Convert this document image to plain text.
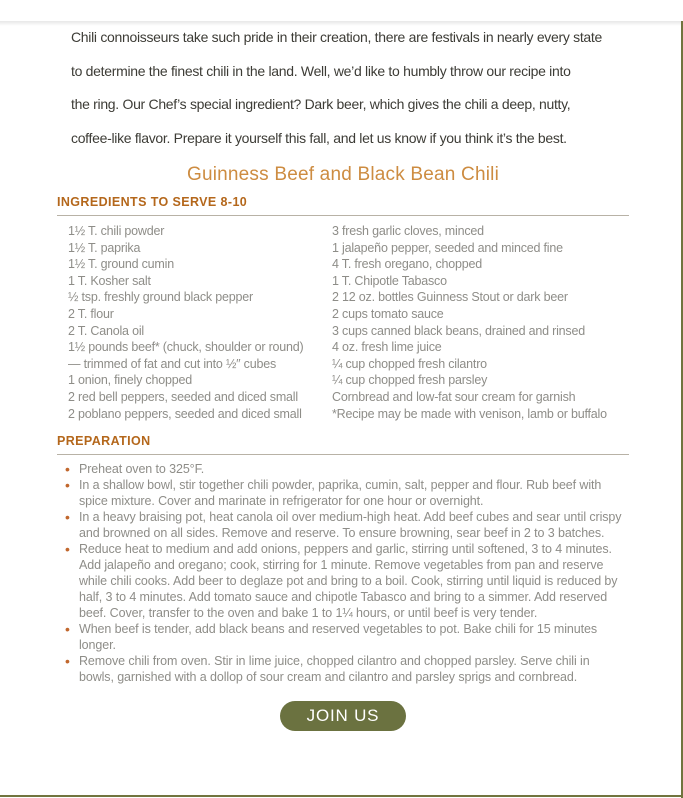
Chili connoisseurs take such pride in their creation, there are festivals in nearly every state
to determine the finest chili in the land. Well, we’d like to humbly throw our recipe into
the ring. Our Chef’s special ingredient? Dark beer, which gives the chili a deep, nutty,
coffee-like flavor. Prepare it yourself this fall, and let us know if you think it’s the best.
Guinness Beef and Black Bean Chili
INGREDIENTS TO SERVE 8-10
1½ T. chili powder
1½ T. paprika
1½ T. ground cumin
1 T. Kosher salt
½ tsp. freshly ground black pepper
2 T. flour
2 T. Canola oil
1½ pounds beef* (chuck, shoulder or round)
— trimmed of fat and cut into ½″ cubes
1 onion, finely chopped
2 red bell peppers, seeded and diced small
2 poblano peppers, seeded and diced small
3 fresh garlic cloves, minced
1 jalapeño pepper, seeded and minced fine
4 T. fresh oregano, chopped
1 T. Chipotle Tabasco
2 12 oz. bottles Guinness Stout or dark beer
2 cups tomato sauce
3 cups canned black beans, drained and rinsed
4 oz. fresh lime juice
¼ cup chopped fresh cilantro
¼ cup chopped fresh parsley
Cornbread and low-fat sour cream for garnish
*Recipe may be made with venison, lamb or buffalo
PREPARATION
• Preheat oven to 325°F.
• In a shallow bowl, stir together chili powder, paprika, cumin, salt, pepper and flour. Rub beef with spice mixture. Cover and marinate in refrigerator for one hour or overnight.
• In a heavy braising pot, heat canola oil over medium-high heat. Add beef cubes and sear until crispy and browned on all sides. Remove and reserve. To ensure browning, sear beef in 2 to 3 batches.
• Reduce heat to medium and add onions, peppers and garlic, stirring until softened, 3 to 4 minutes. Add jalapeño and oregano; cook, stirring for 1 minute. Remove vegetables from pan and reserve while chili cooks. Add beer to deglaze pot and bring to a boil. Cook, stirring until liquid is reduced by half, 3 to 4 minutes. Add tomato sauce and chipotle Tabasco and bring to a simmer. Add reserved beef. Cover, transfer to the oven and bake 1 to 1¼ hours, or until beef is very tender.
• When beef is tender, add black beans and reserved vegetables to pot. Bake chili for 15 minutes longer.
• Remove chili from oven. Stir in lime juice, chopped cilantro and chopped parsley. Serve chili in bowls, garnished with a dollop of sour cream and cilantro and parsley sprigs and cornbread.
JOIN US
